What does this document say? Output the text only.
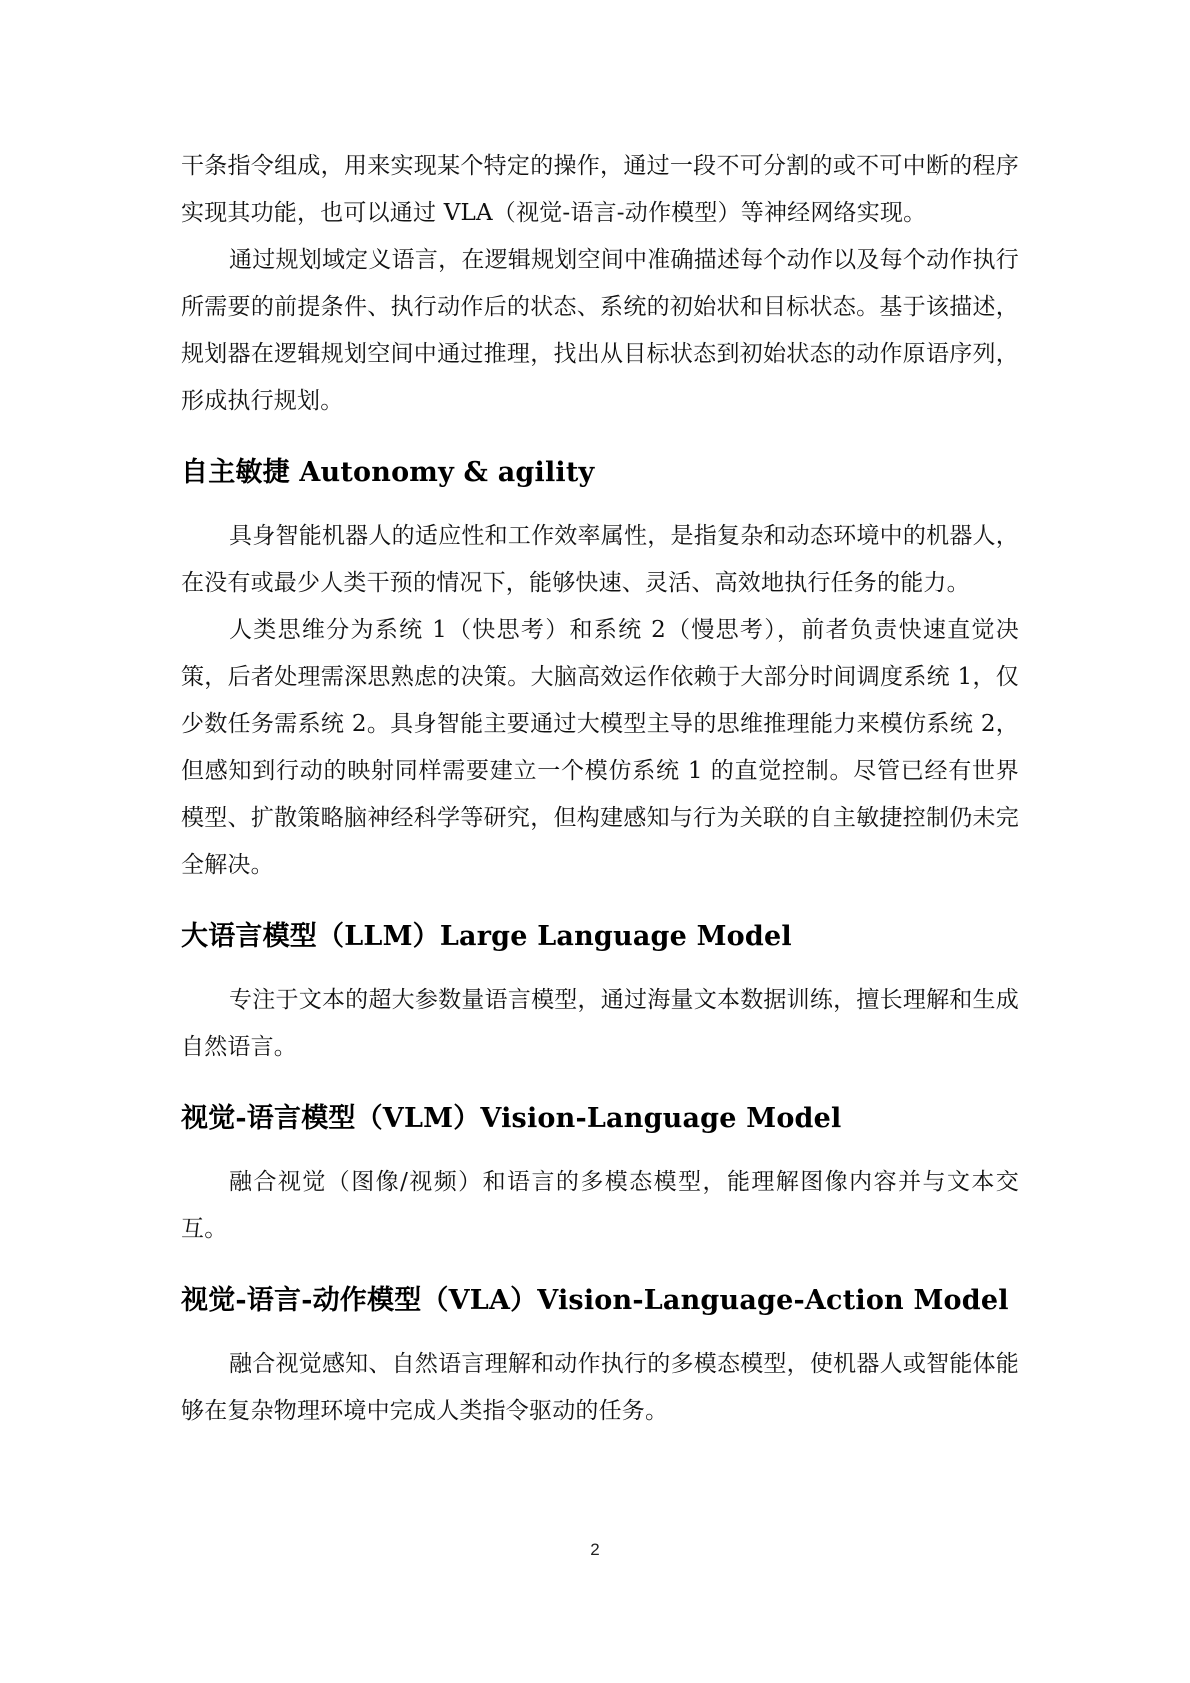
干条指令组成，用来实现某个特定的操作，通过一段不可分割的或不可中断的程序实现其功能，也可以通过 VLA（视觉-语言-动作模型）等神经网络实现。

通过规划域定义语言，在逻辑规划空间中准确描述每个动作以及每个动作执行所需要的前提条件、执行动作后的状态、系统的初始状和目标状态。基于该描述，规划器在逻辑规划空间中通过推理，找出从目标状态到初始状态的动作原语序列，形成执行规划。

自主敏捷 Autonomy & agility

具身智能机器人的适应性和工作效率属性，是指复杂和动态环境中的机器人，在没有或最少人类干预的情况下，能够快速、灵活、高效地执行任务的能力。

人类思维分为系统 1（快思考）和系统 2（慢思考），前者负责快速直觉决策，后者处理需深思熟虑的决策。大脑高效运作依赖于大部分时间调度系统 1，仅少数任务需系统 2。具身智能主要通过大模型主导的思维推理能力来模仿系统 2，但感知到行动的映射同样需要建立一个模仿系统 1 的直觉控制。尽管已经有世界模型、扩散策略脑神经科学等研究，但构建感知与行为关联的自主敏捷控制仍未完全解决。

大语言模型（LLM）Large Language Model

专注于文本的超大参数量语言模型，通过海量文本数据训练，擅长理解和生成自然语言。

视觉-语言模型（VLM）Vision-Language Model

融合视觉（图像/视频）和语言的多模态模型，能理解图像内容并与文本交互。

视觉-语言-动作模型（VLA）Vision-Language-Action Model

融合视觉感知、自然语言理解和动作执行的多模态模型，使机器人或智能体能够在复杂物理环境中完成人类指令驱动的任务。

2
